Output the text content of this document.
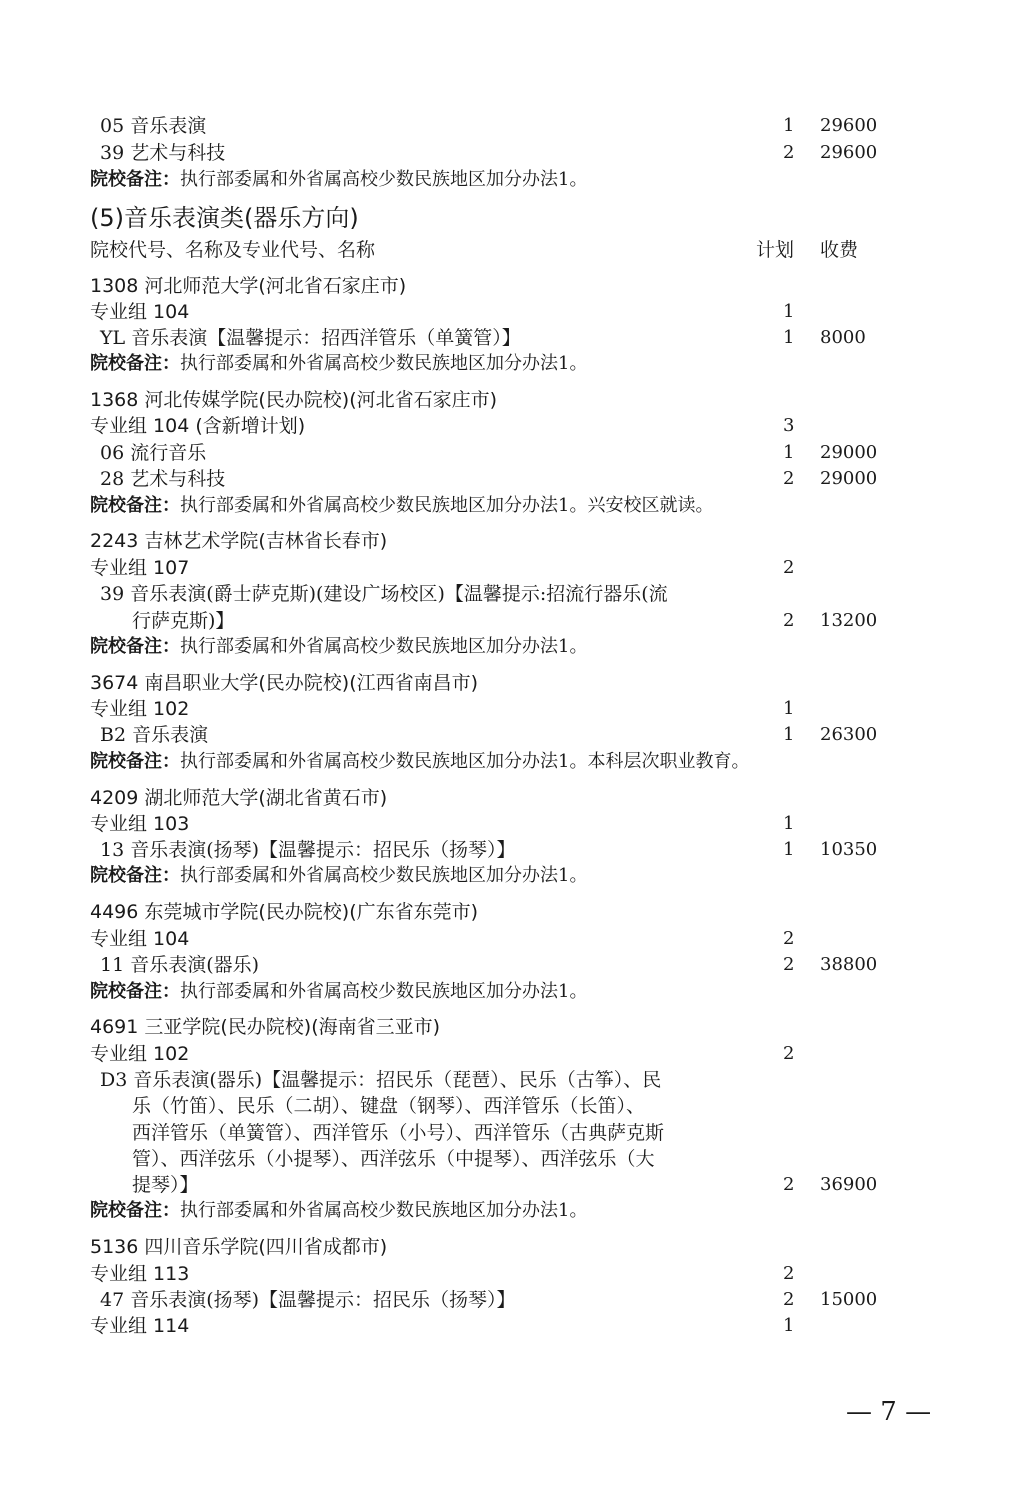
05 音乐表演	1 29600
39 艺术与科技	2 29600
院校备注：执行部委属和外省属高校少数民族地区加分办法1。
(5)音乐表演类(器乐方向)
院校代号、名称及专业代号、名称	计划 收费
1308 河北师范大学(河北省石家庄市)
专业组 104	1
YL 音乐表演【温馨提示：招西洋管乐（单簧管）】	1 8000
院校备注：执行部委属和外省属高校少数民族地区加分办法1。
1368 河北传媒学院(民办院校)(河北省石家庄市)
专业组 104 (含新增计划)	3
06 流行音乐	1 29000
28 艺术与科技	2 29000
院校备注：执行部委属和外省属高校少数民族地区加分办法1。兴安校区就读。
2243 吉林艺术学院(吉林省长春市)
专业组 107	2
39 音乐表演(爵士萨克斯)(建设广场校区)【温馨提示:招流行器乐(流
行萨克斯)】	2 13200
院校备注：执行部委属和外省属高校少数民族地区加分办法1。
3674 南昌职业大学(民办院校)(江西省南昌市)
专业组 102	1
B2 音乐表演	1 26300
院校备注：执行部委属和外省属高校少数民族地区加分办法1。本科层次职业教育。
4209 湖北师范大学(湖北省黄石市)
专业组 103	1
13 音乐表演(扬琴)【温馨提示：招民乐（扬琴）】	1 10350
院校备注：执行部委属和外省属高校少数民族地区加分办法1。
4496 东莞城市学院(民办院校)(广东省东莞市)
专业组 104	2
11 音乐表演(器乐)	2 38800
院校备注：执行部委属和外省属高校少数民族地区加分办法1。
4691 三亚学院(民办院校)(海南省三亚市)
专业组 102	2
D3 音乐表演(器乐)【温馨提示：招民乐（琵琶）、民乐（古筝）、民
乐（竹笛）、民乐（二胡）、键盘（钢琴）、西洋管乐（长笛）、
西洋管乐（单簧管）、西洋管乐（小号）、西洋管乐（古典萨克斯
管）、西洋弦乐（小提琴）、西洋弦乐（中提琴）、西洋弦乐（大
提琴）】	2 36900
院校备注：执行部委属和外省属高校少数民族地区加分办法1。
5136 四川音乐学院(四川省成都市)
专业组 113	2
47 音乐表演(扬琴)【温馨提示：招民乐（扬琴）】	2 15000
专业组 114	1
— 7 —
